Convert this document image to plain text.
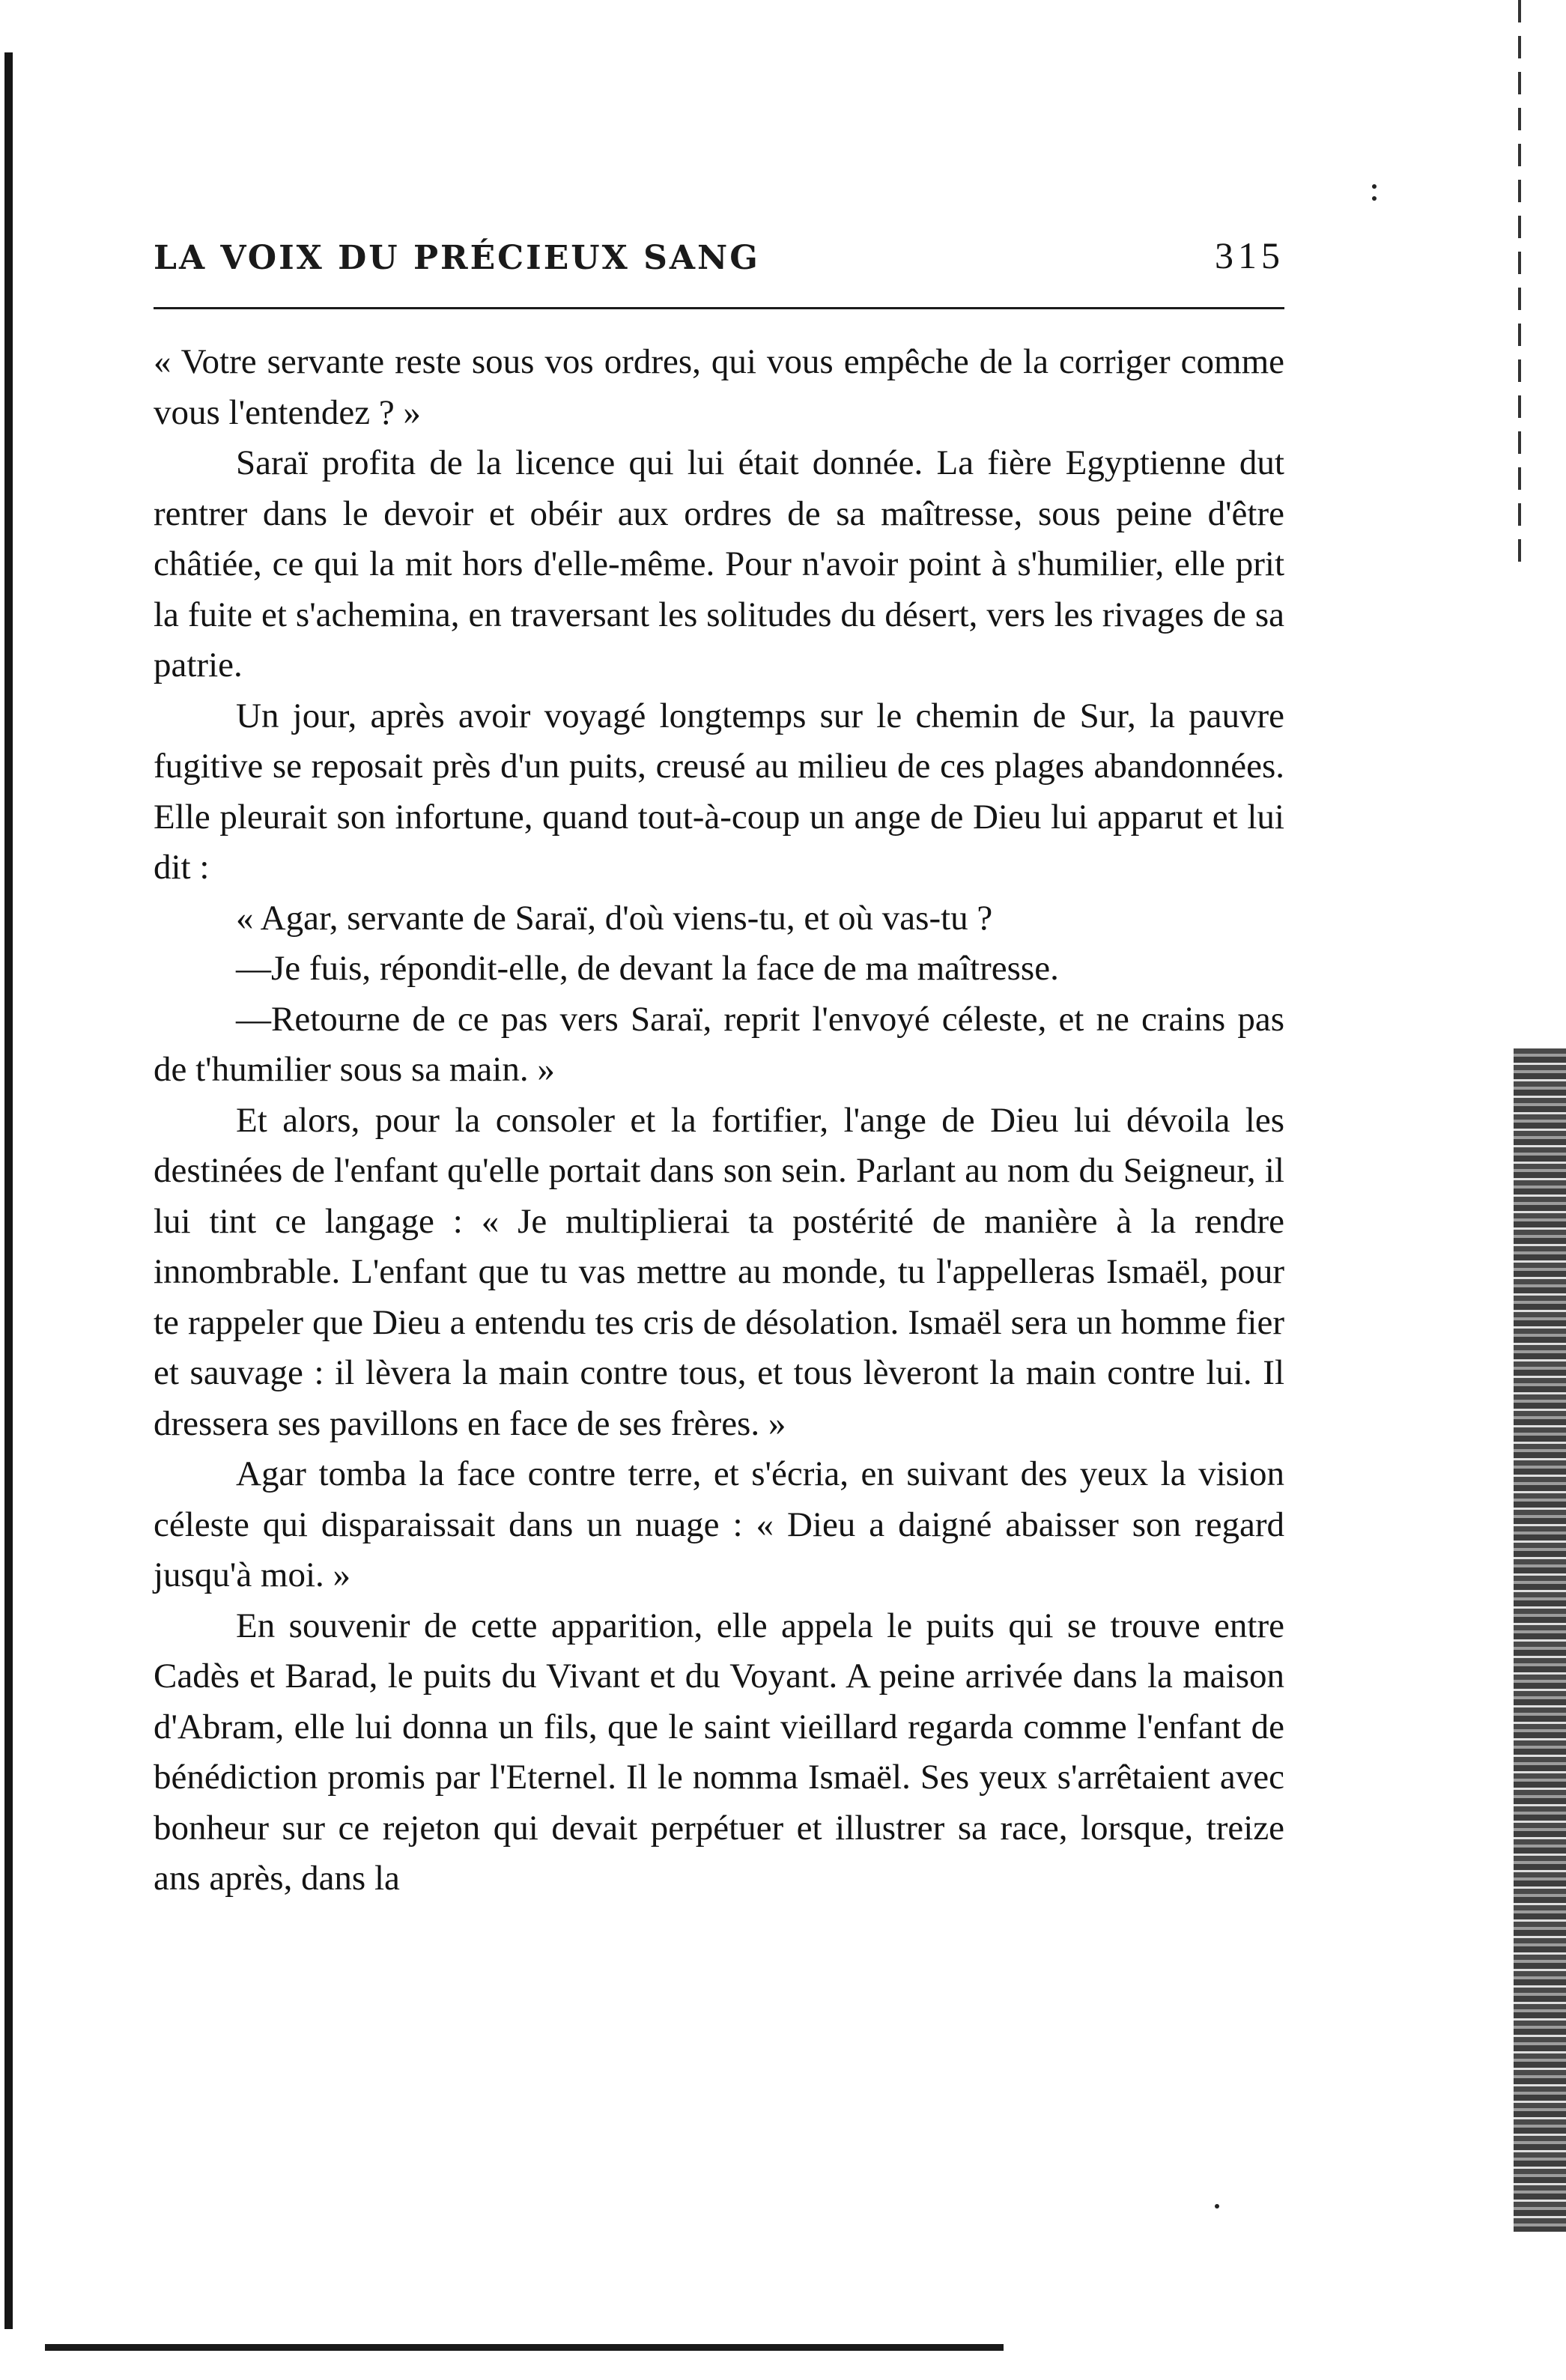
LA VOIX DU PRÉCIEUX SANG	315

« Votre servante reste sous vos ordres, qui vous empêche de la corriger comme vous l'entendez ? »

Saraï profita de la licence qui lui était donnée. La fière Egyptienne dut rentrer dans le devoir et obéir aux ordres de sa maîtresse, sous peine d'être châtiée, ce qui la mit hors d'elle-même. Pour n'avoir point à s'humilier, elle prit la fuite et s'achemina, en traversant les solitudes du désert, vers les rivages de sa patrie.

Un jour, après avoir voyagé longtemps sur le chemin de Sur, la pauvre fugitive se reposait près d'un puits, creusé au milieu de ces plages abandonnées. Elle pleurait son infortune, quand tout-à-coup un ange de Dieu lui apparut et lui dit :

« Agar, servante de Saraï, d'où viens-tu, et où vas-tu ?

—Je fuis, répondit-elle, de devant la face de ma maîtresse.

—Retourne de ce pas vers Saraï, reprit l'envoyé céleste, et ne crains pas de t'humilier sous sa main. »

Et alors, pour la consoler et la fortifier, l'ange de Dieu lui dévoila les destinées de l'enfant qu'elle portait dans son sein. Parlant au nom du Seigneur, il lui tint ce langage : « Je multiplierai ta postérité de manière à la rendre innombrable. L'enfant que tu vas mettre au monde, tu l'appelleras Ismaël, pour te rappeler que Dieu a entendu tes cris de désolation. Ismaël sera un homme fier et sauvage : il lèvera la main contre tous, et tous lèveront la main contre lui. Il dressera ses pavillons en face de ses frères. »

Agar tomba la face contre terre, et s'écria, en suivant des yeux la vision céleste qui disparaissait dans un nuage : « Dieu a daigné abaisser son regard jusqu'à moi. »

En souvenir de cette apparition, elle appela le puits qui se trouve entre Cadès et Barad, le puits du Vivant et du Voyant. A peine arrivée dans la maison d'Abram, elle lui donna un fils, que le saint vieillard regarda comme l'enfant de bénédiction promis par l'Eternel. Il le nomma Ismaël. Ses yeux s'arrêtaient avec bonheur sur ce rejeton qui devait perpétuer et illustrer sa race, lorsque, treize ans après, dans la
